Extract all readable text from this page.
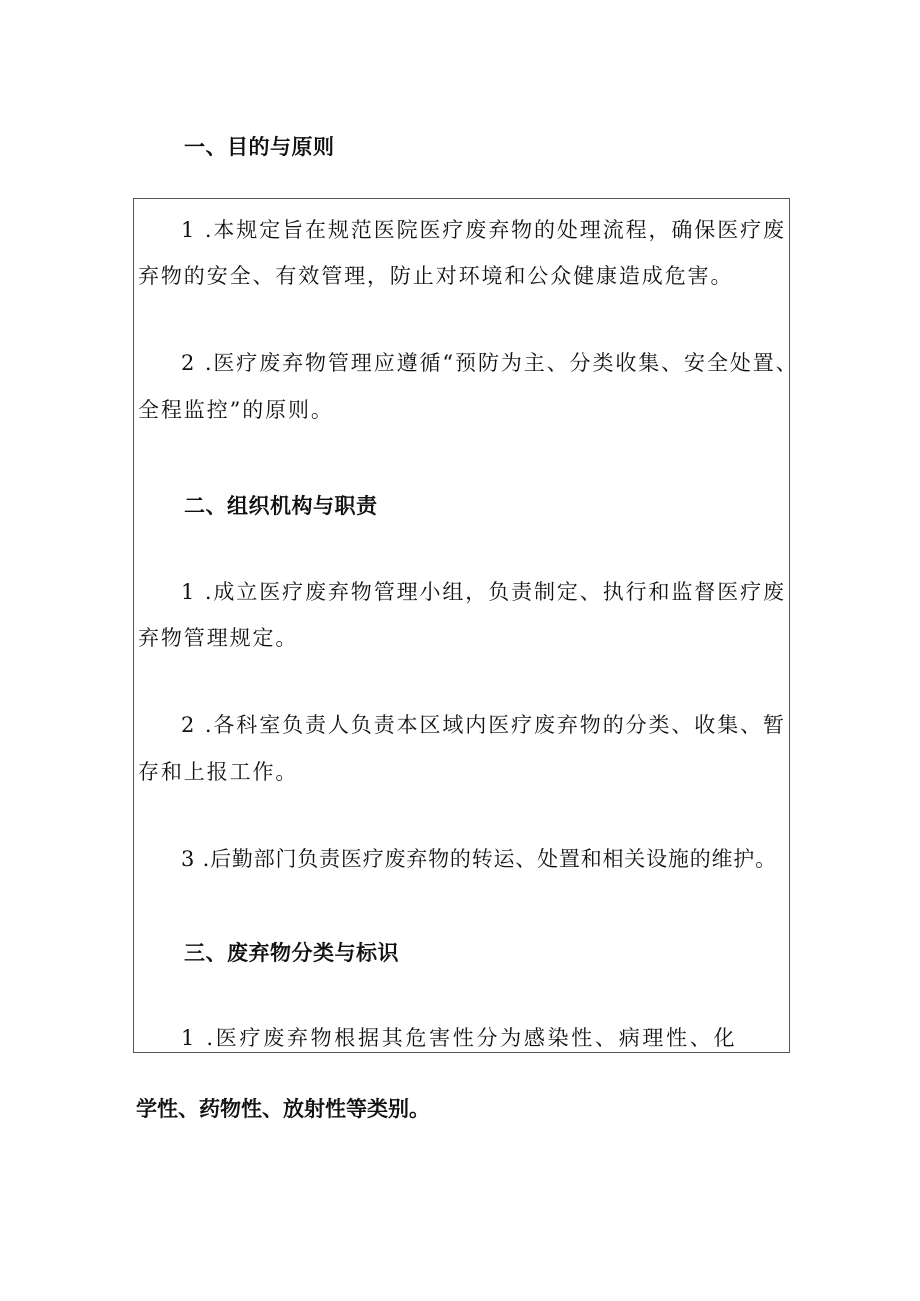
一、目的与原则
1 .本规定旨在规范医院医疗废弃物的处理流程，确保医疗废
弃物的安全、有效管理，防止对环境和公众健康造成危害。
2 .医疗废弃物管理应遵循“预防为主、分类收集、安全处置、
全程监控”的原则。
二、组织机构与职责
1 .成立医疗废弃物管理小组，负责制定、执行和监督医疗废
弃物管理规定。
2 .各科室负责人负责本区域内医疗废弃物的分类、收集、暂
存和上报工作。
3 .后勤部门负责医疗废弃物的转运、处置和相关设施的维护。
三、废弃物分类与标识
1 .医疗废弃物根据其危害性分为感染性、病理性、化
学性、药物性、放射性等类别。
